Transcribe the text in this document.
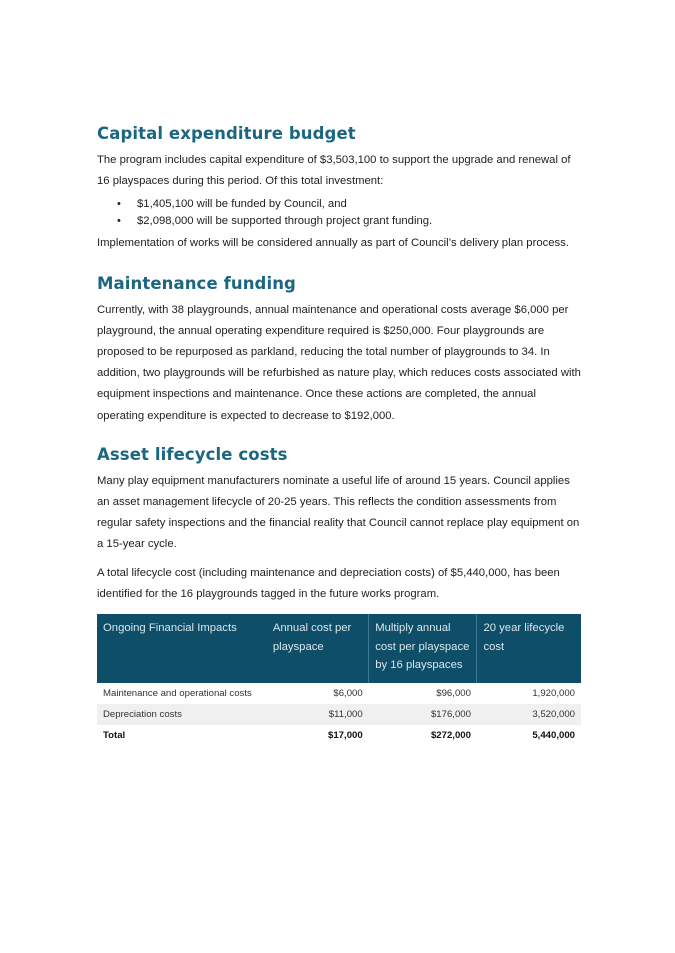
Capital expenditure budget

The program includes capital expenditure of $3,503,100 to support the upgrade and renewal of 16 playspaces during this period. Of this total investment:

• $1,405,100 will be funded by Council, and
• $2,098,000 will be supported through project grant funding.

Implementation of works will be considered annually as part of Council’s delivery plan process.

Maintenance funding

Currently, with 38 playgrounds, annual maintenance and operational costs average $6,000 per playground, the annual operating expenditure required is $250,000. Four playgrounds are proposed to be repurposed as parkland, reducing the total number of playgrounds to 34. In addition, two playgrounds will be refurbished as nature play, which reduces costs associated with equipment inspections and maintenance. Once these actions are completed, the annual operating expenditure is expected to decrease to $192,000.

Asset lifecycle costs

Many play equipment manufacturers nominate a useful life of around 15 years. Council applies an asset management lifecycle of 20-25 years. This reflects the condition assessments from regular safety inspections and the financial reality that Council cannot replace play equipment on a 15-year cycle.

A total lifecycle cost (including maintenance and depreciation costs) of $5,440,000, has been identified for the 16 playgrounds tagged in the future works program.

Ongoing Financial Impacts	Annual cost per playspace	Multiply annual cost per playspace by 16 playspaces	20 year lifecycle cost
Maintenance and operational costs	$6,000	$96,000	1,920,000
Depreciation costs	$11,000	$176,000	3,520,000
Total	$17,000	$272,000	5,440,000
